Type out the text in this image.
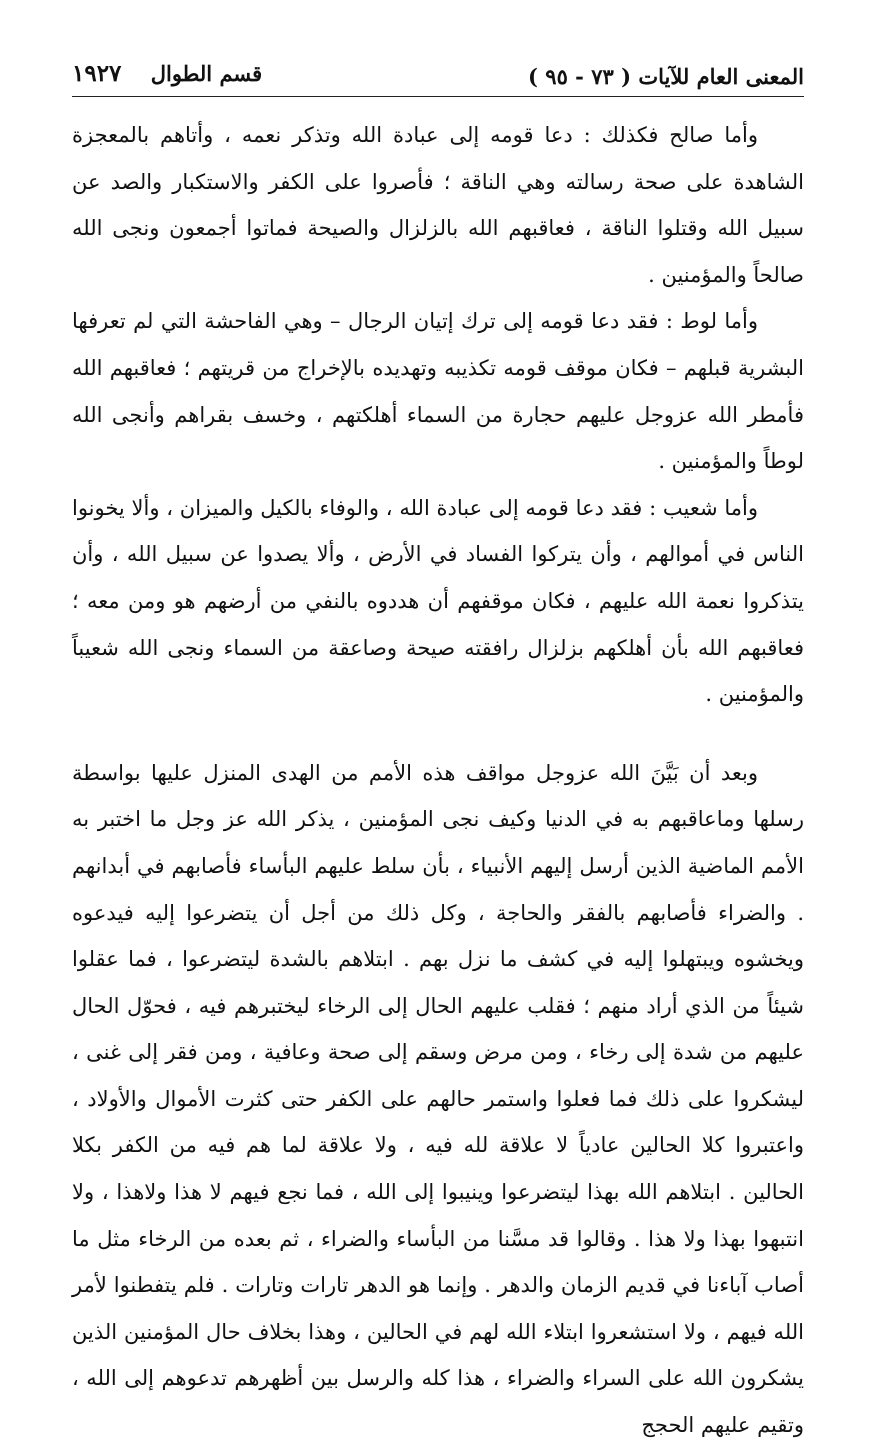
المعنى العام للآيات ( ٧٣ - ٩٥ )
قسم الطوال ١٩٢٧

وأما صالح فكذلك : دعا قومه إلى عبادة الله وتذكر نعمه ، وأتاهم بالمعجزة الشاهدة على صحة رسالته وهي الناقة ؛ فأصروا على الكفر والاستكبار والصد عن سبيل الله وقتلوا الناقة ، فعاقبهم الله بالزلزال والصيحة فماتوا أجمعون ونجى الله صالحاً والمؤمنين .

وأما لوط : فقد دعا قومه إلى ترك إتيان الرجال – وهي الفاحشة التي لم تعرفها البشرية قبلهم – فكان موقف قومه تكذيبه وتهديده بالإخراج من قريتهم ؛ فعاقبهم الله فأمطر الله عزوجل عليهم حجارة من السماء أهلكتهم ، وخسف بقراهم وأنجى الله لوطاً والمؤمنين .

وأما شعيب : فقد دعا قومه إلى عبادة الله ، والوفاء بالكيل والميزان ، وألا يخونوا الناس في أموالهم ، وأن يتركوا الفساد في الأرض ، وألا يصدوا عن سبيل الله ، وأن يتذكروا نعمة الله عليهم ، فكان موقفهم أن هددوه بالنفي من أرضهم هو ومن معه ؛ فعاقبهم الله بأن أهلكهم بزلزال رافقته صيحة وصاعقة من السماء ونجى الله شعيباً والمؤمنين .

وبعد أن بَيَّنَ الله عزوجل مواقف هذه الأمم من الهدى المنزل عليها بواسطة رسلها وماعاقبهم به في الدنيا وكيف نجى المؤمنين ، يذكر الله عز وجل ما اختبر به الأمم الماضية الذين أرسل إليهم الأنبياء ، بأن سلط عليهم البأساء فأصابهم في أبدانهم . والضراء فأصابهم بالفقر والحاجة ، وكل ذلك من أجل أن يتضرعوا إليه فيدعوه ويخشوه ويبتهلوا إليه في كشف ما نزل بهم . ابتلاهم بالشدة ليتضرعوا ، فما عقلوا شيئاً من الذي أراد منهم ؛ فقلب عليهم الحال إلى الرخاء ليختبرهم فيه ، فحوّل الحال عليهم من شدة إلى رخاء ، ومن مرض وسقم إلى صحة وعافية ، ومن فقر إلى غنى ، ليشكروا على ذلك فما فعلوا واستمر حالهم على الكفر حتى كثرت الأموال والأولاد ، واعتبروا كلا الحالين عادياً لا علاقة لله فيه ، ولا علاقة لما هم فيه من الكفر بكلا الحالين . ابتلاهم الله بهذا ليتضرعوا وينيبوا إلى الله ، فما نجع فيهم لا هذا ولاهذا ، ولا انتبهوا بهذا ولا هذا . وقالوا قد مسَّنا من البأساء والضراء ، ثم بعده من الرخاء مثل ما أصاب آباءنا في قديم الزمان والدهر . وإنما هو الدهر تارات وتارات . فلم يتفطنوا لأمر الله فيهم ، ولا استشعروا ابتلاء الله لهم في الحالين ، وهذا بخلاف حال المؤمنين الذين يشكرون الله على السراء والضراء ، هذا كله والرسل بين أظهرهم تدعوهم إلى الله ، وتقيم عليهم الحجج
